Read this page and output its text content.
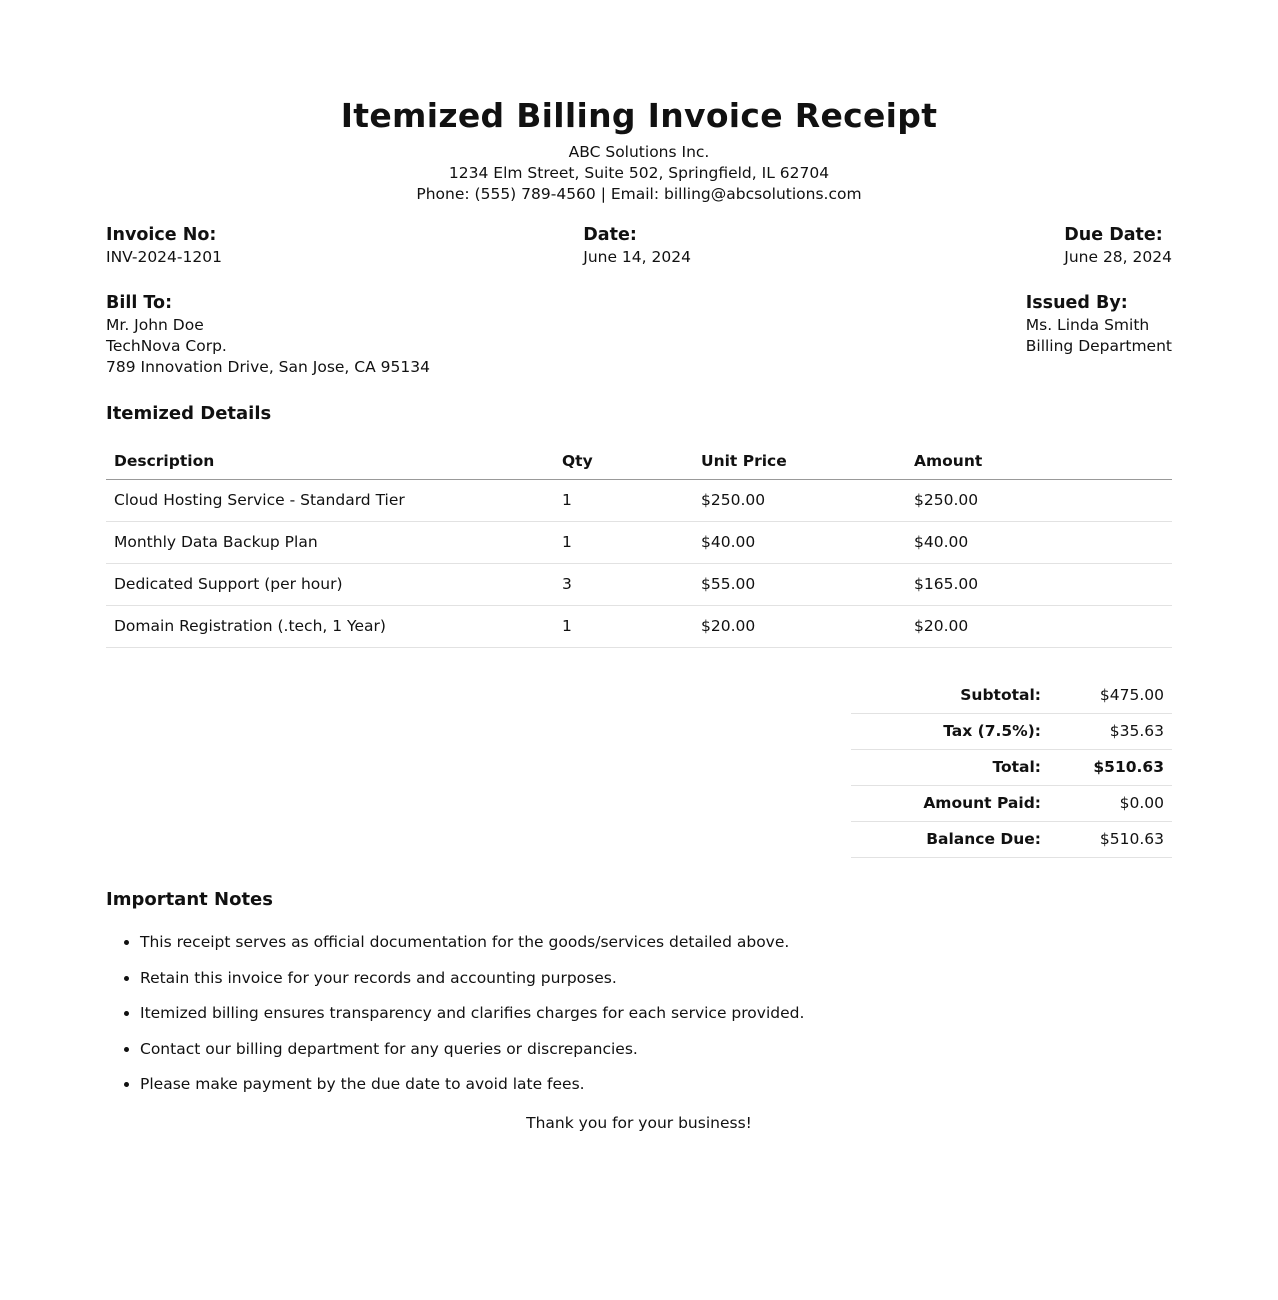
Itemized Billing Invoice Receipt
ABC Solutions Inc.
1234 Elm Street, Suite 502, Springfield, IL 62704
Phone: (555) 789-4560 | Email: billing@abcsolutions.com
Invoice No:
INV-2024-1201
Date:
June 14, 2024
Due Date:
June 28, 2024
Bill To:
Mr. John Doe
TechNova Corp.
789 Innovation Drive, San Jose, CA 95134
Issued By:
Ms. Linda Smith
Billing Department
Itemized Details
Description	Qty	Unit Price	Amount
Cloud Hosting Service - Standard Tier	1	$250.00	$250.00
Monthly Data Backup Plan	1	$40.00	$40.00
Dedicated Support (per hour)	3	$55.00	$165.00
Domain Registration (.tech, 1 Year)	1	$20.00	$20.00
Subtotal:	$475.00
Tax (7.5%):	$35.63
Total:	$510.63
Amount Paid:	$0.00
Balance Due:	$510.63
Important Notes
• This receipt serves as official documentation for the goods/services detailed above.
• Retain this invoice for your records and accounting purposes.
• Itemized billing ensures transparency and clarifies charges for each service provided.
• Contact our billing department for any queries or discrepancies.
• Please make payment by the due date to avoid late fees.
Thank you for your business!
